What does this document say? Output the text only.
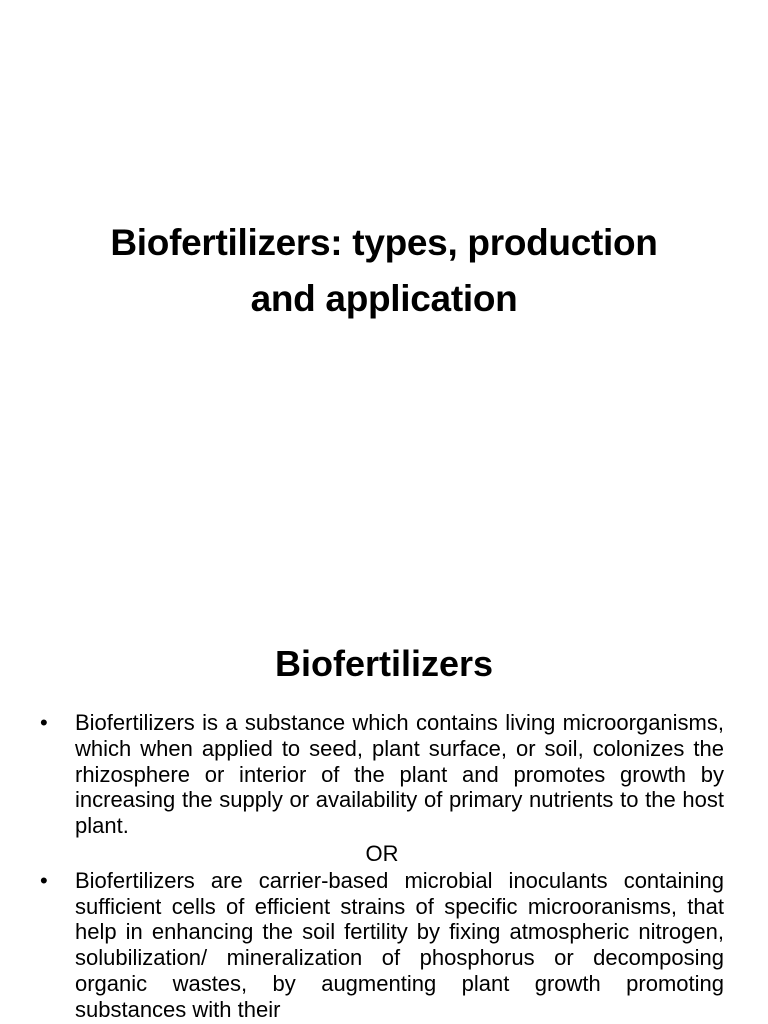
Biofertilizers: types, production
and application
Biofertilizers
•	Biofertilizers is a substance which contains living microorganisms, which when applied to seed, plant surface, or soil, colonizes the rhizosphere or interior of the plant and promotes growth by increasing the supply or availability of primary nutrients to the host plant.
OR
•	Biofertilizers are carrier-based microbial inoculants containing sufficient cells of efficient strains of specific microoranisms, that help in enhancing the soil fertility by fixing atmospheric nitrogen, solubilization/ mineralization of phosphorus or decomposing organic wastes, by augmenting plant growth promoting substances with their
